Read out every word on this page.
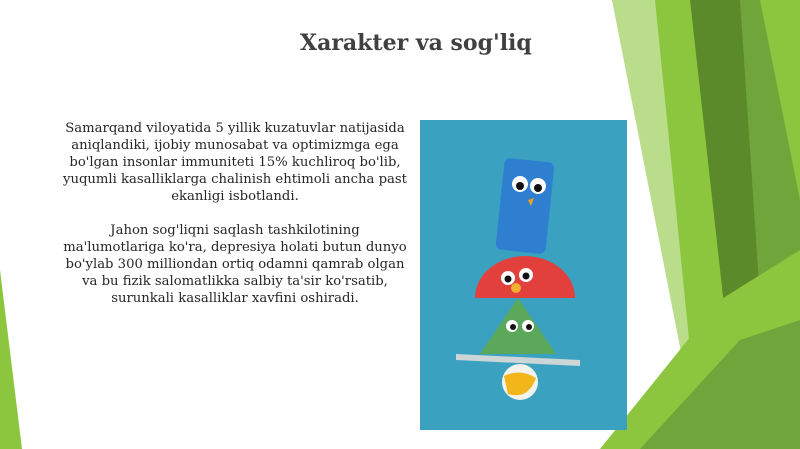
Xarakter va sog'liq

Samarqand viloyatida 5 yillik kuzatuvlar natijasida aniqlandiki, ijobiy munosabat va optimizmga ega bo'lgan insonlar immuniteti 15% kuchliroq bo'lib, yuqumli kasalliklarga chalinish ehtimoli ancha past ekanligi isbotlandi.

Jahon sog'liqni saqlash tashkilotining ma'lumotlariga ko'ra, depresiya holati butun dunyo bo'ylab 300 milliondan ortiq odamni qamrab olgan va bu fizik salomatlikka salbiy ta'sir ko'rsatib, surunkali kasalliklar xavfini oshiradi.
